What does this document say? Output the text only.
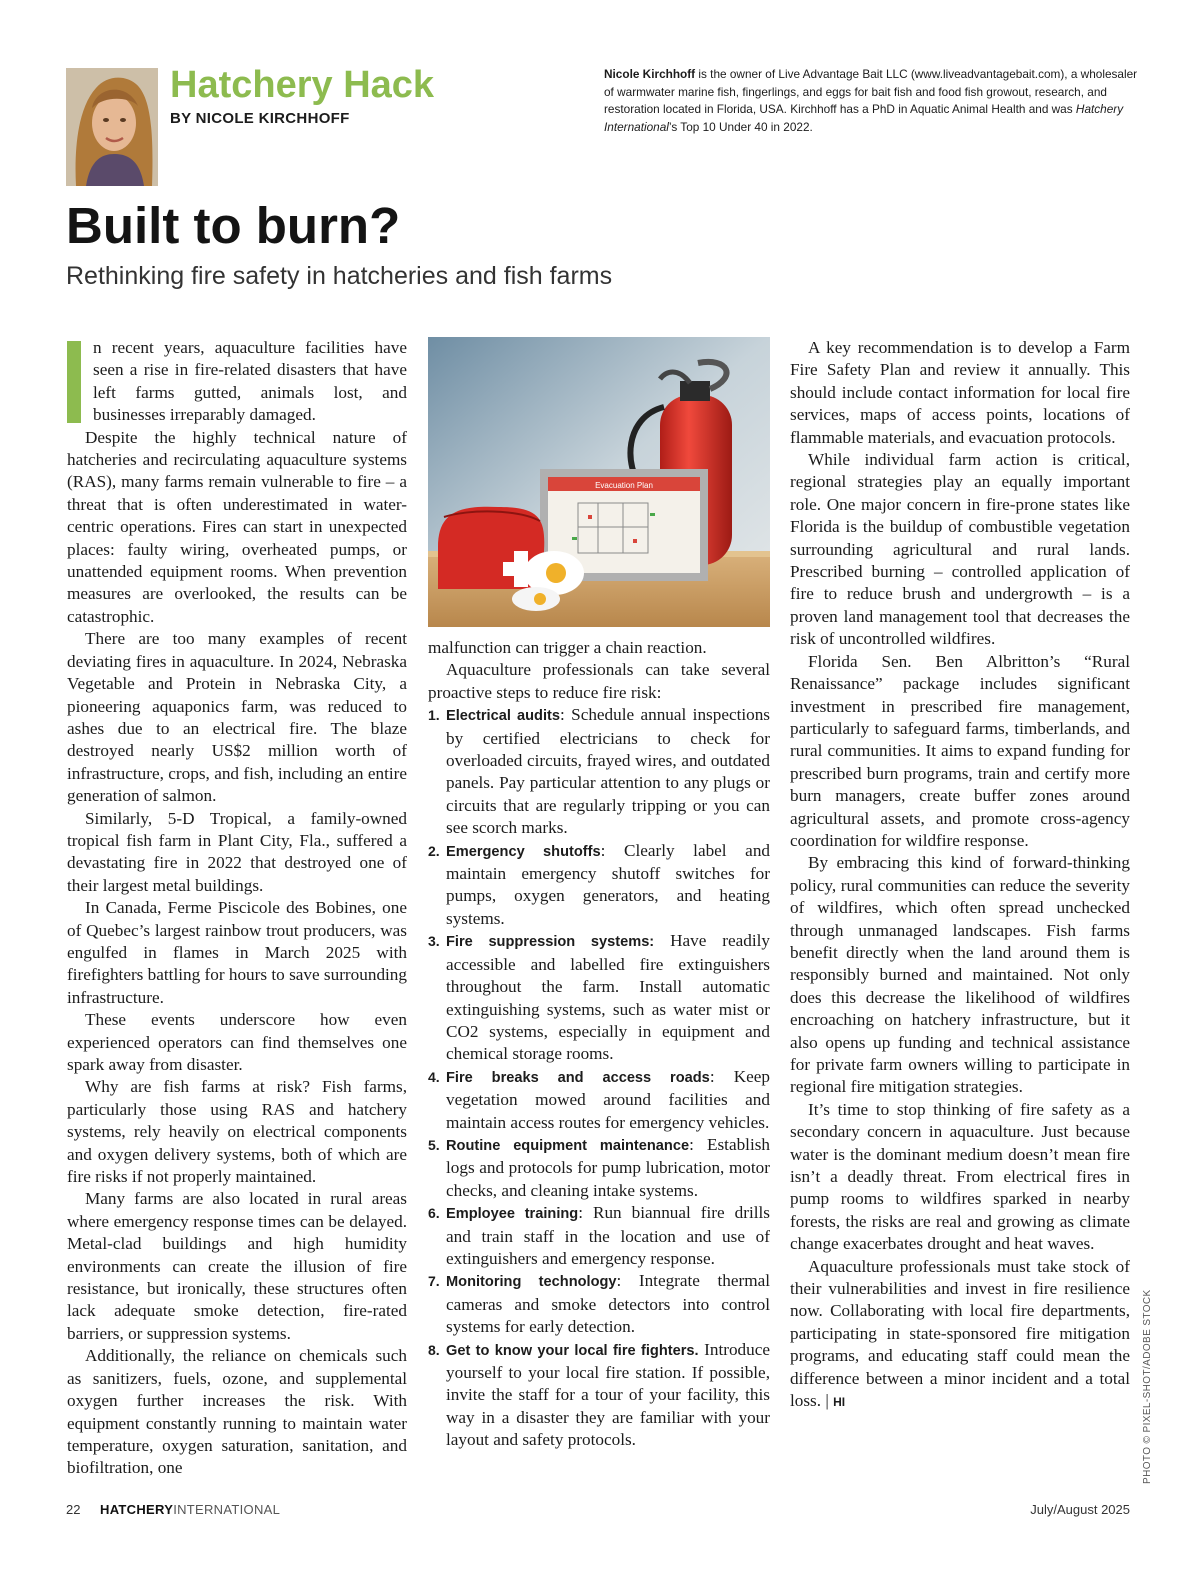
Hatchery Hack
BY NICOLE KIRCHHOFF
Nicole Kirchhoff is the owner of Live Advantage Bait LLC (www.liveadvantagebait.com), a wholesaler of warmwater marine fish, fingerlings, and eggs for bait fish and food fish growout, research, and restoration located in Florida, USA. Kirchhoff has a PhD in Aquatic Animal Health and was Hatchery International’s Top 10 Under 40 in 2022.
Built to burn?
Rethinking fire safety in hatcheries and fish farms

n recent years, aquaculture facilities have seen a rise in fire-related disasters that have left farms gutted, animals lost, and businesses irreparably damaged.

Despite the highly technical nature of hatcheries and recirculating aquaculture systems (RAS), many farms remain vulnerable to fire – a threat that is often underestimated in water-centric operations. Fires can start in unexpected places: faulty wiring, overheated pumps, or unattended equipment rooms. When prevention measures are overlooked, the results can be catastrophic.

There are too many examples of recent deviating fires in aquaculture. In 2024, Nebraska Vegetable and Protein in Nebraska City, a pioneering aquaponics farm, was reduced to ashes due to an electrical fire. The blaze destroyed nearly US$2 million worth of infrastructure, crops, and fish, including an entire generation of salmon.

Similarly, 5-D Tropical, a family-owned tropical fish farm in Plant City, Fla., suffered a devastating fire in 2022 that destroyed one of their largest metal buildings.

In Canada, Ferme Piscicole des Bobines, one of Quebec’s largest rainbow trout producers, was engulfed in flames in March 2025 with firefighters battling for hours to save surrounding infrastructure.

These events underscore how even experienced operators can find themselves one spark away from disaster.

Why are fish farms at risk? Fish farms, particularly those using RAS and hatchery systems, rely heavily on electrical components and oxygen delivery systems, both of which are fire risks if not properly maintained.

Many farms are also located in rural areas where emergency response times can be delayed. Metal-clad buildings and high humidity environments can create the illusion of fire resistance, but ironically, these structures often lack adequate smoke detection, fire-rated barriers, or suppression systems.

Additionally, the reliance on chemicals such as sanitizers, fuels, ozone, and supplemental oxygen further increases the risk. With equipment constantly running to maintain water temperature, oxygen saturation, sanitation, and biofiltration, one

Evacuation Plan

malfunction can trigger a chain reaction.

Aquaculture professionals can take several proactive steps to reduce fire risk:

1. Electrical audits: Schedule annual inspections by certified electricians to check for overloaded circuits, frayed wires, and outdated panels. Pay particular attention to any plugs or circuits that are regularly tripping or you can see scorch marks.
2. Emergency shutoffs: Clearly label and maintain emergency shutoff switches for pumps, oxygen generators, and heating systems.
3. Fire suppression systems: Have readily accessible and labelled fire extinguishers throughout the farm. Install automatic extinguishing systems, such as water mist or CO2 systems, especially in equipment and chemical storage rooms.
4. Fire breaks and access roads: Keep vegetation mowed around facilities and maintain access routes for emergency vehicles.
5. Routine equipment maintenance: Establish logs and protocols for pump lubrication, motor checks, and cleaning intake systems.
6. Employee training: Run biannual fire drills and train staff in the location and use of extinguishers and emergency response.
7. Monitoring technology: Integrate thermal cameras and smoke detectors into control systems for early detection.
8. Get to know your local fire fighters. Introduce yourself to your local fire station. If possible, invite the staff for a tour of your facility, this way in a disaster they are familiar with your layout and safety protocols.

A key recommendation is to develop a Farm Fire Safety Plan and review it annually. This should include contact information for local fire services, maps of access points, locations of flammable materials, and evacuation protocols.

While individual farm action is critical, regional strategies play an equally important role. One major concern in fire-prone states like Florida is the buildup of combustible vegetation surrounding agricultural and rural lands. Prescribed burning – controlled application of fire to reduce brush and undergrowth – is a proven land management tool that decreases the risk of uncontrolled wildfires.

Florida Sen. Ben Albritton’s “Rural Renaissance” package includes significant investment in prescribed fire management, particularly to safeguard farms, timberlands, and rural communities. It aims to expand funding for prescribed burn programs, train and certify more burn managers, create buffer zones around agricultural assets, and promote cross-agency coordination for wildfire response.

By embracing this kind of forward-thinking policy, rural communities can reduce the severity of wildfires, which often spread unchecked through unmanaged landscapes. Fish farms benefit directly when the land around them is responsibly burned and maintained. Not only does this decrease the likelihood of wildfires encroaching on hatchery infrastructure, but it also opens up funding and technical assistance for private farm owners willing to participate in regional fire mitigation strategies.

It’s time to stop thinking of fire safety as a secondary concern in aquaculture. Just because water is the dominant medium doesn’t mean fire isn’t a deadly threat. From electrical fires in pump rooms to wildfires sparked in nearby forests, the risks are real and growing as climate change exacerbates drought and heat waves.

Aquaculture professionals must take stock of their vulnerabilities and invest in fire resilience now. Collaborating with local fire departments, participating in state-sponsored fire mitigation programs, and educating staff could mean the difference between a minor incident and a total loss. | HI	PHOTO © PIXEL-SHOT/ADOBE STOCK
22 HATCHERYINTERNATIONAL	July/August 2025
